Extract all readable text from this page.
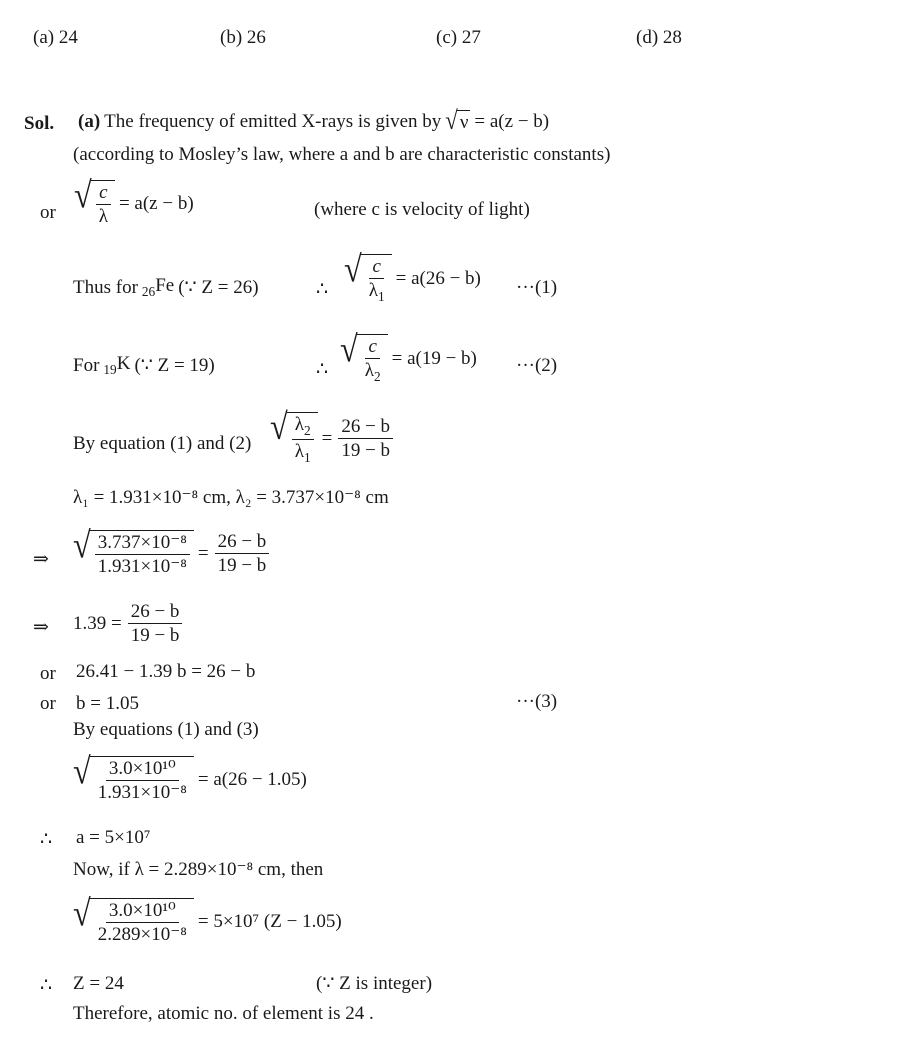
(a) 24	(b) 26	(c) 27	(d) 28
Sol. (a) The frequency of emitted X-rays is given by √ ν = a(z − b)
(according to Mosley’s law, where a and b are characteristic constants)
or √ $\frac{c}{\lambda} = a(z - b)$	(where c is velocity of light)
Thus for $_{26}$Fe (∵ Z = 26)	∴
√ $\frac{c}{\lambda_1} = a(26 - b) \cdot\cdot\cdot(1)$
For $_{19}$K (∵ Z = 19)	∴
√ $\frac{c}{\lambda_2} = a(19 - b) \cdot\cdot\cdot(2)$
By equation (1) and (2) √ $\frac{\lambda_2}{\lambda_1} = \frac{26 - b}{19 - b}$
λ₁ = 1.931×10⁻⁸ cm, λ₂ = 3.737×10⁻⁸ cm
⇒ √ $\frac{\text{3.737×10⁻⁸}}{\text{1.931×10⁻⁸}} = \frac{26 - b}{19 - b}$
⇒ $1.39 = \frac{26 - b}{19 - b}$
or 26.41 − 1.39 b = 26 − b
or b = 1.05	···(3)
By equations (1) and (3)
√ $\frac{\text{3.0×10¹⁰}}{\text{1.931×10⁻⁸}} = a(26 - 1.05)$
∴ a = 5×10⁷
Now, if λ = 2.289×10⁻⁸ cm, then
√ $\frac{\text{3.0×10¹⁰}}{\text{2.289×10⁻⁸}} = 5\times 10^7$ (Z − 1.05)
∴ Z = 24	(∵ Z is integer)
Therefore, atomic no. of element is 24 .
